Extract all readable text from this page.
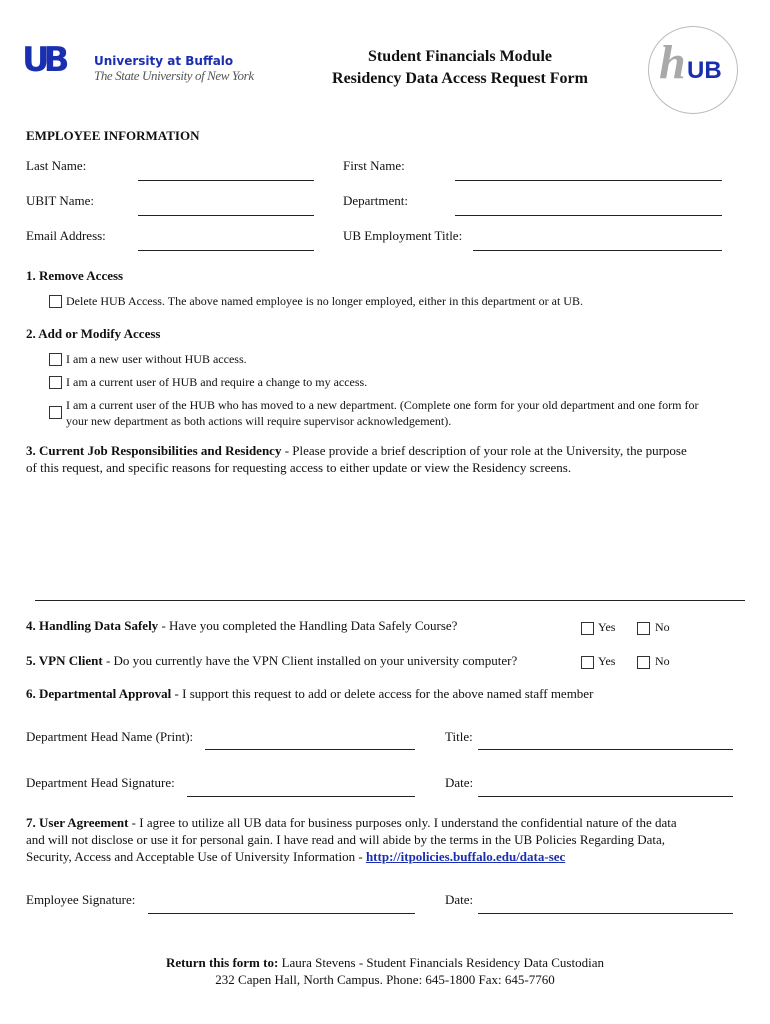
UB	University at Buffalo
The State University of New York
Student Financials Module
Residency Data Access Request Form	h UB
EMPLOYEE INFORMATION
Last Name:	First Name:
UBIT Name:	Department:
Email Address:	UB Employment Title:
1. Remove Access
Delete HUB Access. The above named employee is no longer employed, either in this department or at UB.
2. Add or Modify Access
I am a new user without HUB access.
I am a current user of HUB and require a change to my access.
I am a current user of the HUB who has moved to a new department. (Complete one form for your old department and one form for
your new department as both actions will require supervisor acknowledgement).
3. Current Job Responsibilities and Residency - Please provide a brief description of your role at the University, the purpose
of this request, and specific reasons for requesting access to either update or view the Residency screens.
4. Handling Data Safely - Have you completed the Handling Data Safely Course?	Yes	No
5. VPN Client - Do you currently have the VPN Client installed on your university computer?	Yes	No
6. Departmental Approval - I support this request to add or delete access for the above named staff member
Department Head Name (Print):	Title:
Department Head Signature:	Date:
7. User Agreement - I agree to utilize all UB data for business purposes only. I understand the confidential nature of the data
and will not disclose or use it for personal gain. I have read and will abide by the terms in the UB Policies Regarding Data,
Security, Access and Acceptable Use of University Information - http://itpolicies.buffalo.edu/data-sec
Employee Signature:	Date:
Return this form to: Laura Stevens - Student Financials Residency Data Custodian
232 Capen Hall, North Campus. Phone: 645-1800 Fax: 645-7760
